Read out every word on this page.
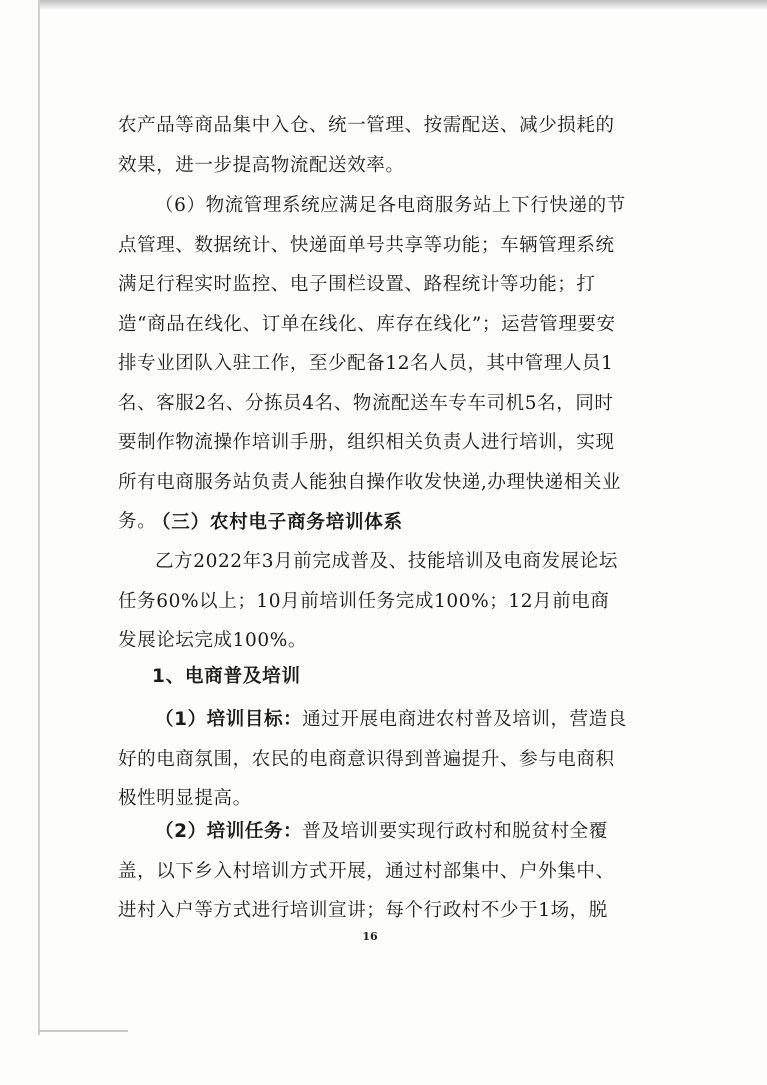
农产品等商品集中入仓、统一管理、按需配送、减少损耗的效果，进一步提高物流配送效率。

（6）物流管理系统应满足各电商服务站上下行快递的节点管理、数据统计、快递面单号共享等功能；车辆管理系统满足行程实时监控、电子围栏设置、路程统计等功能；打造“商品在线化、订单在线化、库存在线化”；运营管理要安排专业团队入驻工作，至少配备12名人员，其中管理人员1名、客服2名、分拣员4名、物流配送车专车司机5名，同时要制作物流操作培训手册，组织相关负责人进行培训，实现所有电商服务站负责人能独自操作收发快递,办理快递相关业务。

（三）农村电子商务培训体系

乙方2022年3月前完成普及、技能培训及电商发展论坛任务60%以上；10月前培训任务完成100%；12月前电商发展论坛完成100%。

1、电商普及培训

（1）培训目标：通过开展电商进农村普及培训，营造良好的电商氛围，农民的电商意识得到普遍提升、参与电商积极性明显提高。

（2）培训任务：普及培训要实现行政村和脱贫村全覆盖，以下乡入村培训方式开展，通过村部集中、户外集中、进村入户等方式进行培训宣讲；每个行政村不少于1场，脱

16
